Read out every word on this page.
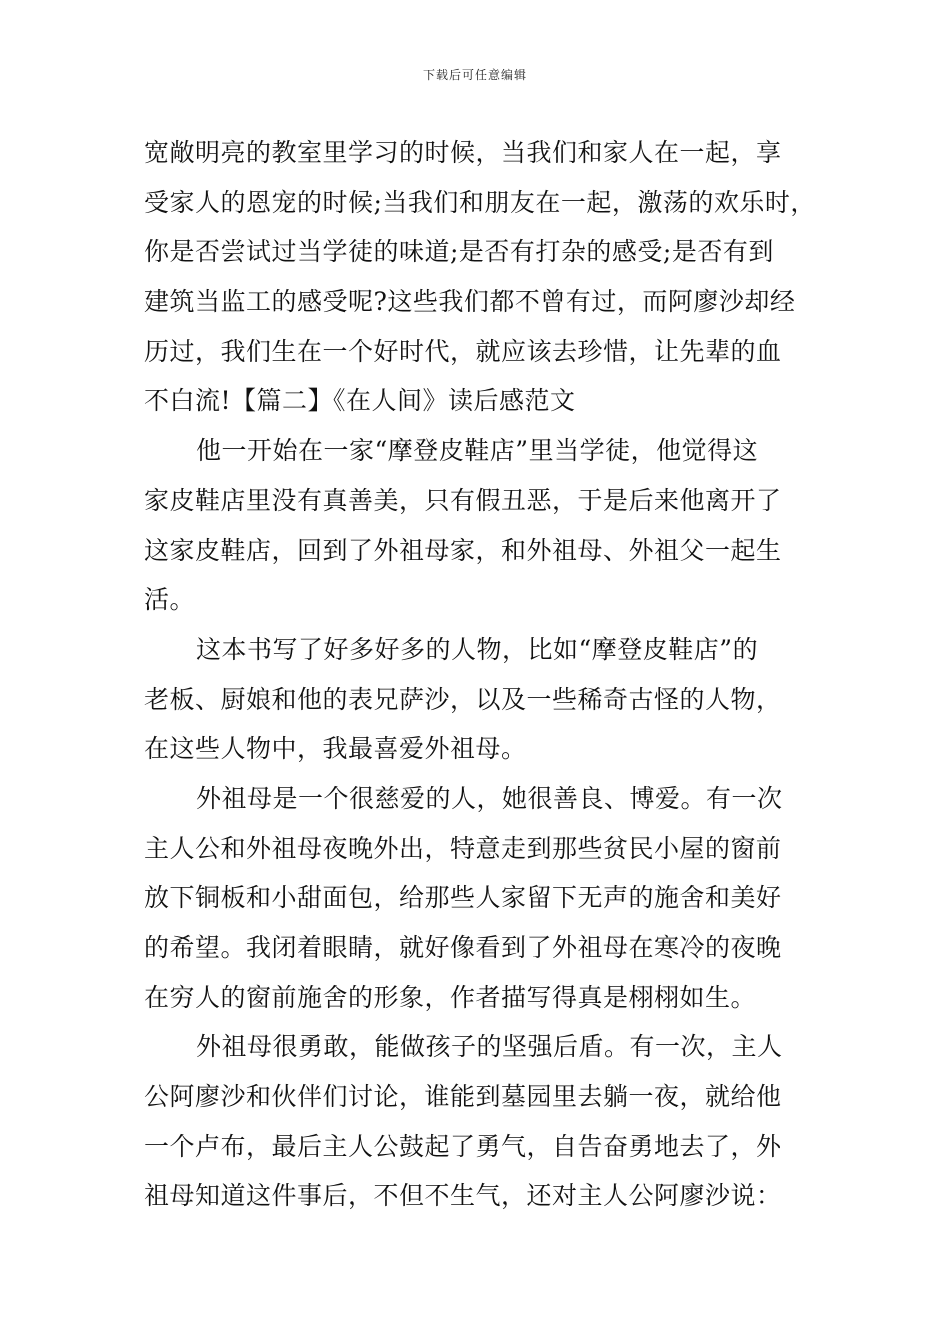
下载后可任意编辑
宽敞明亮的教室里学习的时候，当我们和家人在一起，享
受家人的恩宠的时候;当我们和朋友在一起，激荡的欢乐时，
你是否尝试过当学徒的味道;是否有打杂的感受;是否有到
建筑当监工的感受呢?这些我们都不曾有过，而阿廖沙却经
历过，我们生在一个好时代，就应该去珍惜，让先辈的血
不白流!【篇二】《在人间》读后感范文
他一开始在一家“摩登皮鞋店”里当学徒，他觉得这
家皮鞋店里没有真善美，只有假丑恶，于是后来他离开了
这家皮鞋店，回到了外祖母家，和外祖母、外祖父一起生
活。
这本书写了好多好多的人物，比如“摩登皮鞋店”的
老板、厨娘和他的表兄萨沙，以及一些稀奇古怪的人物，
在这些人物中，我最喜爱外祖母。
外祖母是一个很慈爱的人，她很善良、博爱。有一次
主人公和外祖母夜晚外出，特意走到那些贫民小屋的窗前
放下铜板和小甜面包，给那些人家留下无声的施舍和美好
的希望。我闭着眼睛，就好像看到了外祖母在寒冷的夜晚
在穷人的窗前施舍的形象，作者描写得真是栩栩如生。
外祖母很勇敢，能做孩子的坚强后盾。有一次，主人
公阿廖沙和伙伴们讨论，谁能到墓园里去躺一夜，就给他
一个卢布，最后主人公鼓起了勇气，自告奋勇地去了，外
祖母知道这件事后，不但不生气，还对主人公阿廖沙说：
